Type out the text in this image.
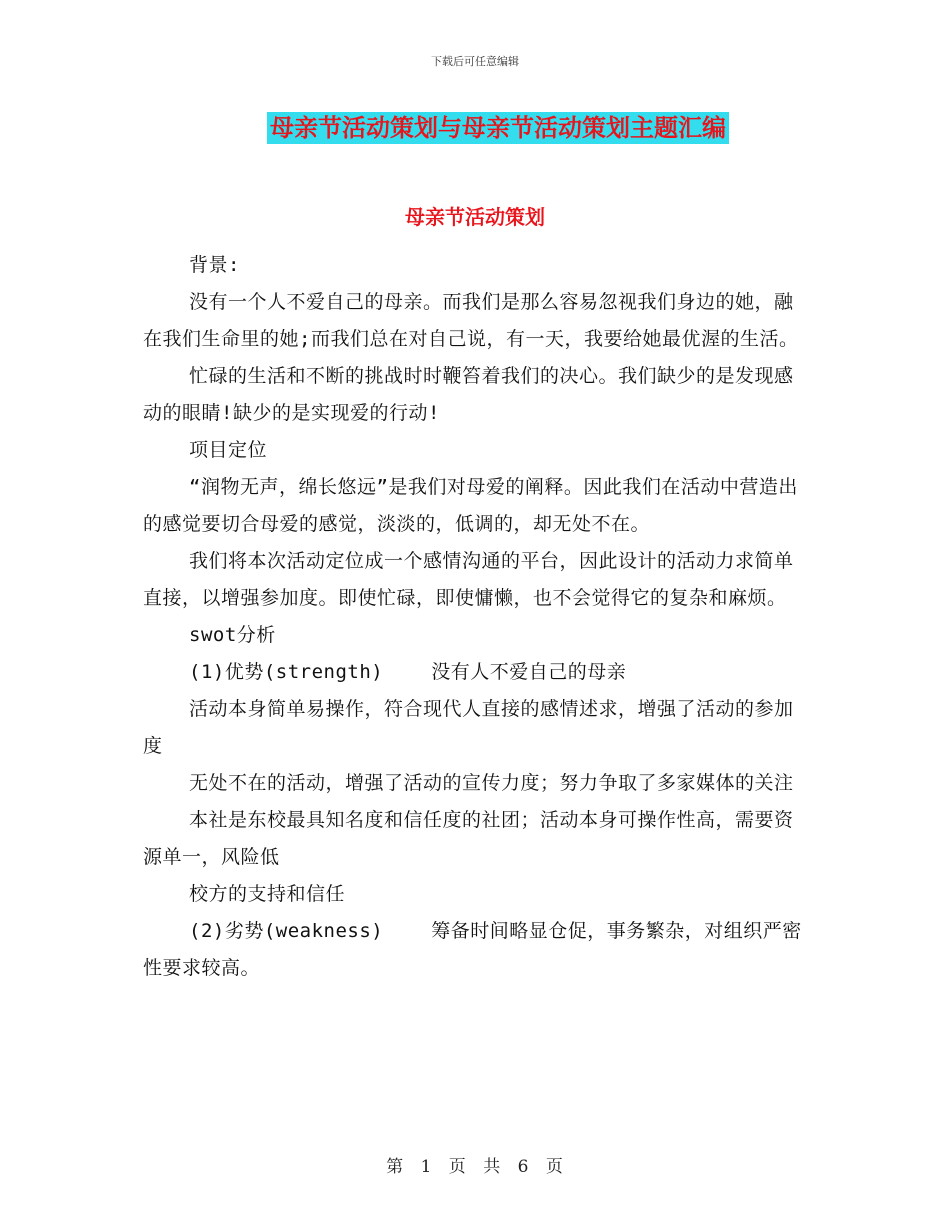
下载后可任意编辑
母亲节活动策划与母亲节活动策划主题汇编
母亲节活动策划

背景:

没有一个人不爱自己的母亲。而我们是那么容易忽视我们身边的她，融在我们生命里的她;而我们总在对自己说，有一天，我要给她最优渥的生活。

忙碌的生活和不断的挑战时时鞭笞着我们的决心。我们缺少的是发现感动的眼睛!缺少的是实现爱的行动!

项目定位

“润物无声，绵长悠远”是我们对母爱的阐释。因此我们在活动中营造出的感觉要切合母爱的感觉，淡淡的，低调的，却无处不在。

我们将本次活动定位成一个感情沟通的平台，因此设计的活动力求简单直接，以增强参加度。即使忙碌，即使慵懒，也不会觉得它的复杂和麻烦。

swot分析

(1)优势(strength)	没有人不爱自己的母亲

活动本身简单易操作，符合现代人直接的感情述求，增强了活动的参加度

无处不在的活动，增强了活动的宣传力度；努力争取了多家媒体的关注

本社是东校最具知名度和信任度的社团；活动本身可操作性高，需要资源单一，风险低

校方的支持和信任

(2)劣势(weakness)	筹备时间略显仓促，事务繁杂，对组织严密性要求较高。

第 1 页 共 6 页
